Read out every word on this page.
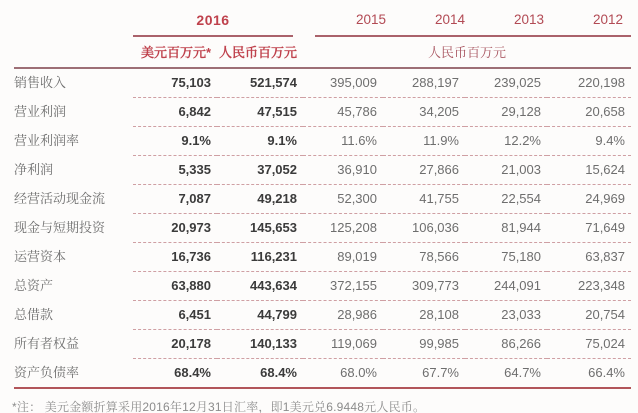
2016	2015	2014	2013	2012
美元百万元* 人民币百万元	人民币百万元
销售收入	75,103	521,574	395,009	288,197	239,025	220,198
营业利润	6,842	47,515	45,786	34,205	29,128	20,658
营业利润率	9.1%	9.1%	11.6%	11.9%	12.2%	9.4%
净利润	5,335	37,052	36,910	27,866	21,003	15,624
经营活动现金流	7,087	49,218	52,300	41,755	22,554	24,969
现金与短期投资	20,973	145,653	125,208	106,036	81,944	71,649
运营资本	16,736	116,231	89,019	78,566	75,180	63,837
总资产	63,880	443,634	372,155	309,773	244,091	223,348
总借款	6,451	44,799	28,986	28,108	23,033	20,754
所有者权益	20,178	140,133	119,069	99,985	86,266	75,024
资产负债率	68.4%	68.4%	68.0%	67.7%	64.7%	66.4%

*注： 美元金额折算采用2016年12月31日汇率，即1美元兑6.9448元人民币。
